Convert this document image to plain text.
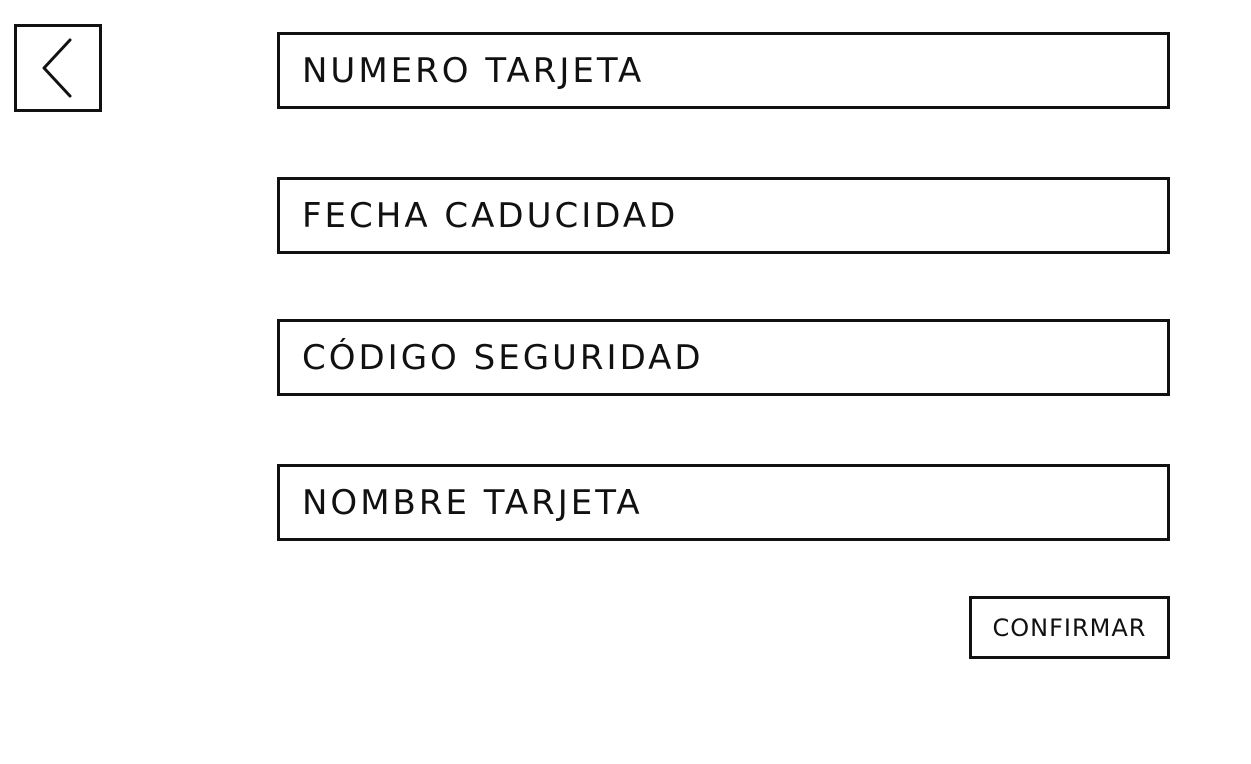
NUMERO TARJETA
FECHA CADUCIDAD
CÓDIGO SEGURIDAD
NOMBRE TARJETA
CONFIRMAR
